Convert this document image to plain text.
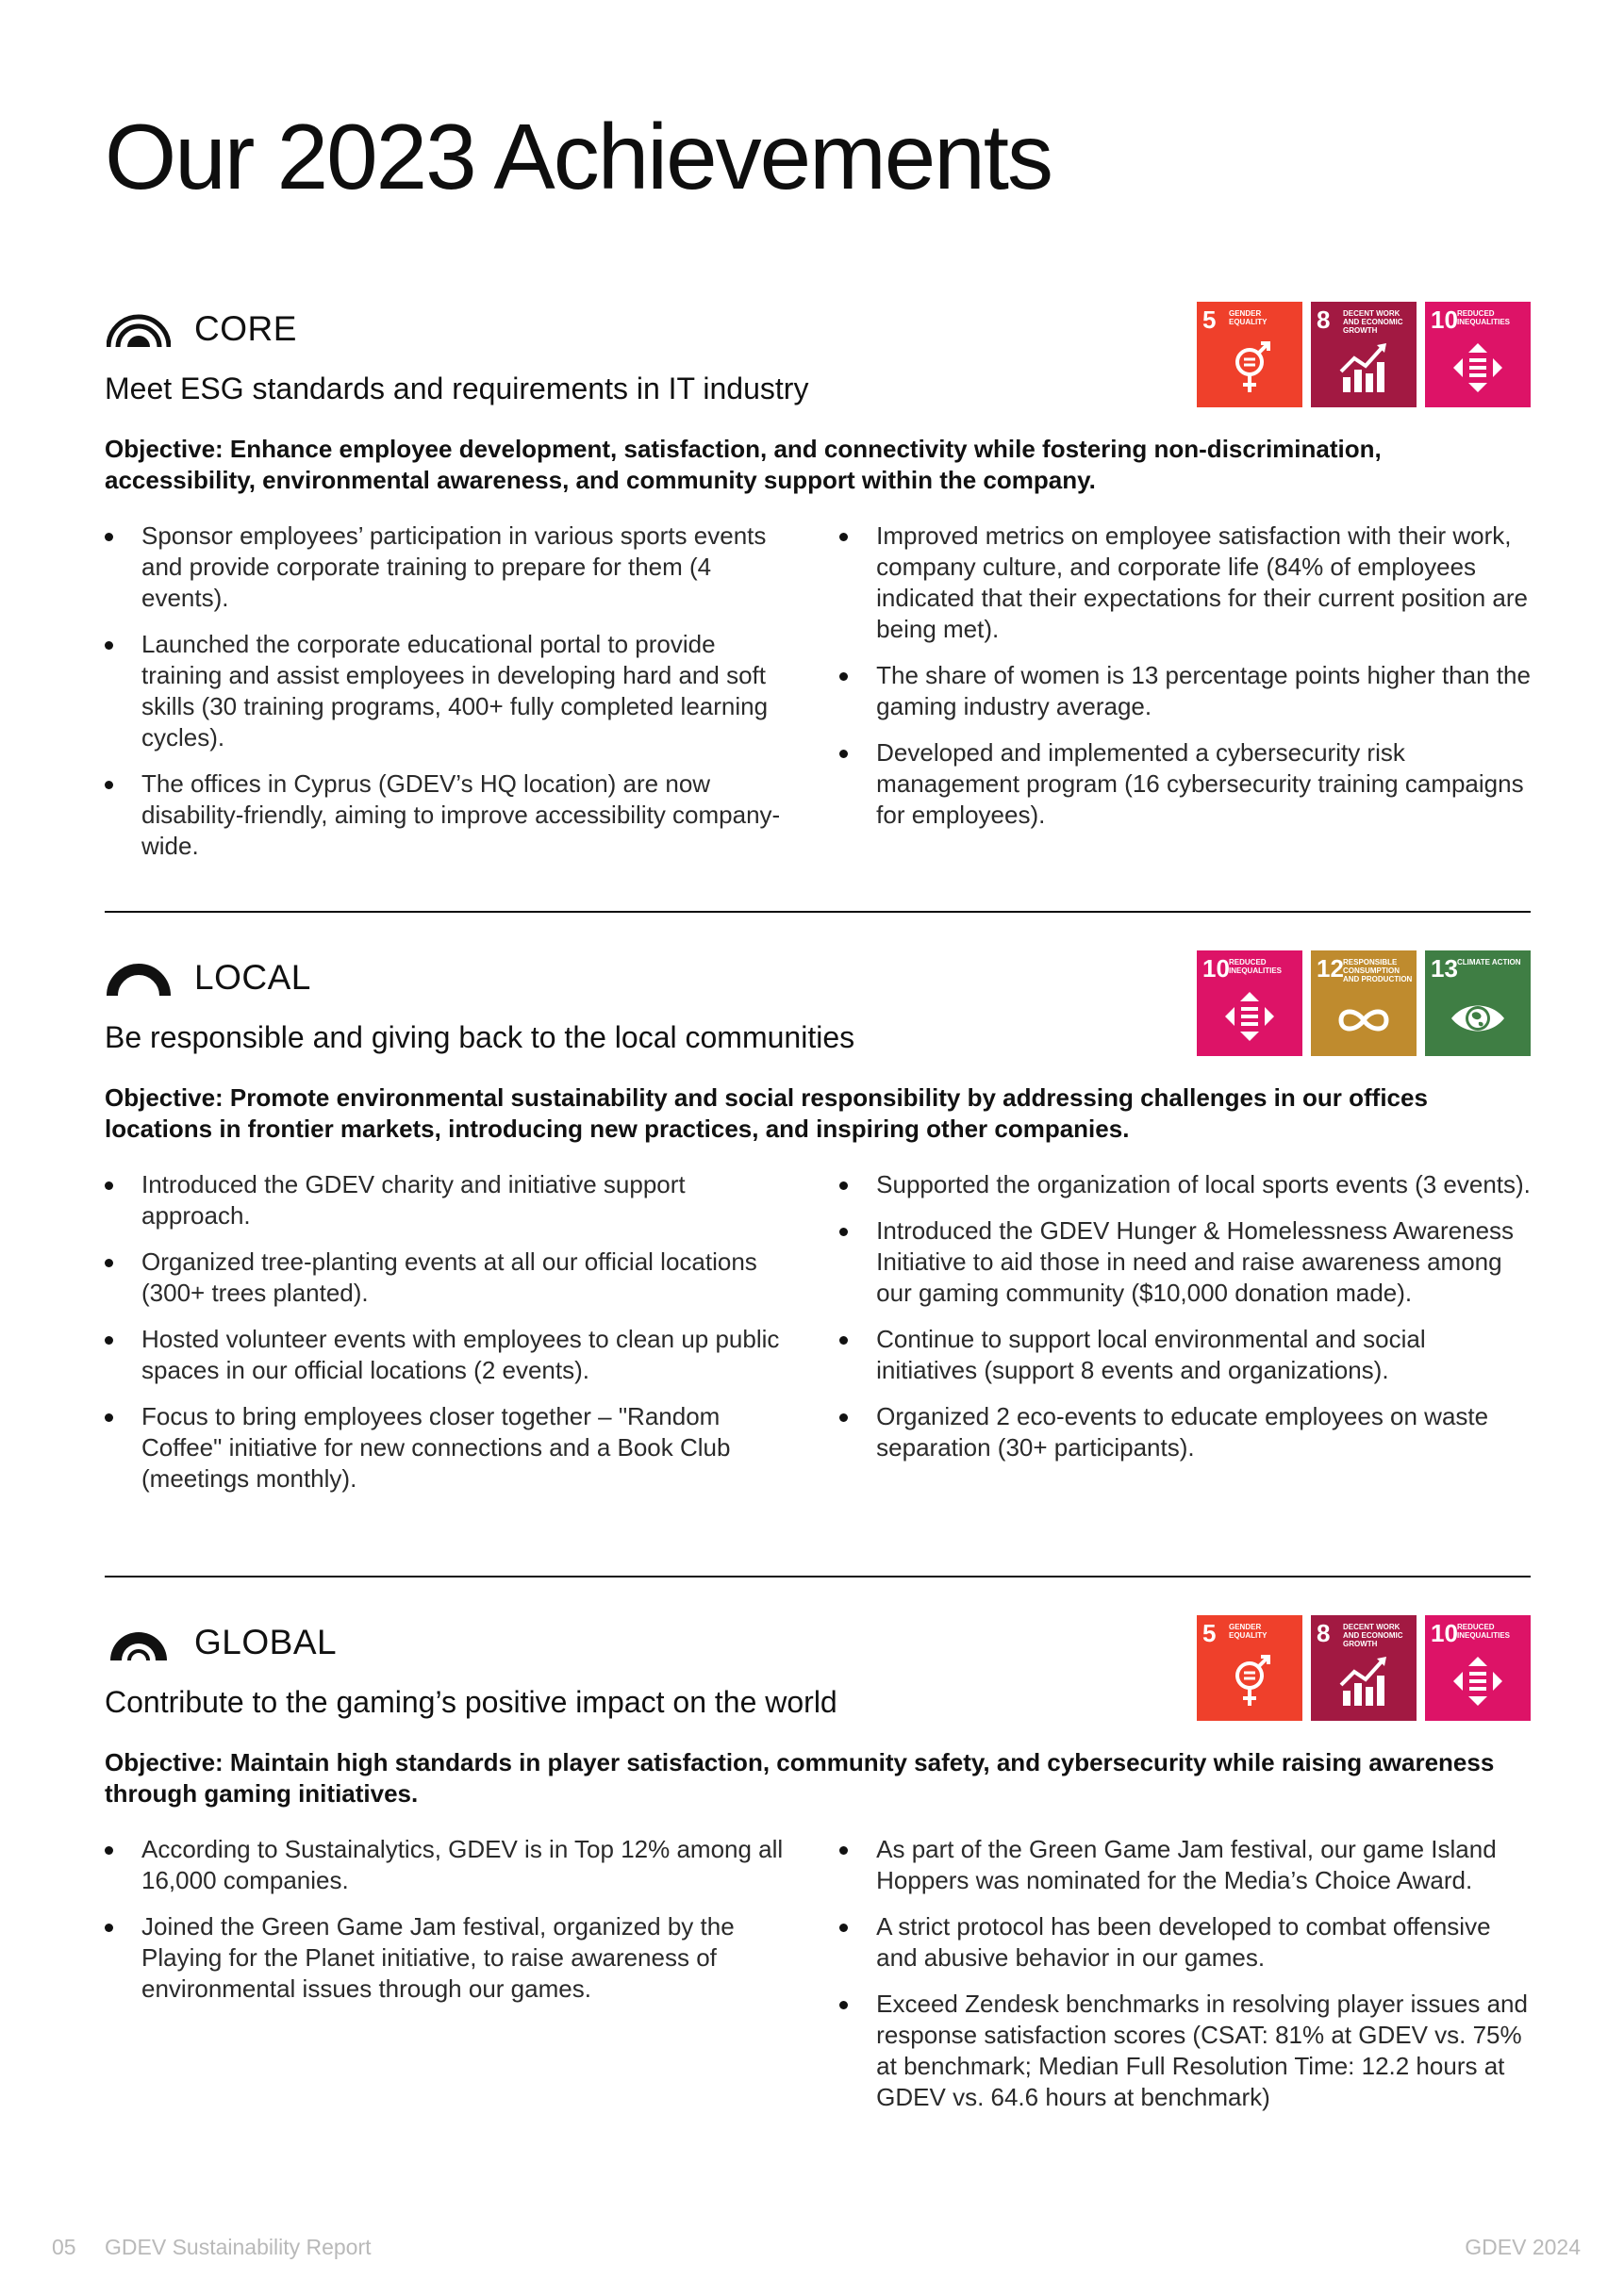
Our 2023 Achievements
CORE
Meet ESG standards and requirements in IT industry
Objective: Enhance employee development, satisfaction, and connectivity while fostering non-discrimination, accessibility, environmental awareness, and community support within the company.
5 GENDER EQUALITY	8 DECENT WORK AND ECONOMIC GROWTH	10 REDUCED INEQUALITIES
Sponsor employees’ participation in various sports events and provide corporate training to prepare for them (4 events).
Launched the corporate educational portal to provide training and assist employees in developing hard and soft skills (30 training programs, 400+ fully completed learning cycles).
The offices in Cyprus (GDEV’s HQ location) are now disability-friendly, aiming to improve accessibility company-wide.
Improved metrics on employee satisfaction with their work, company culture, and corporate life (84% of employees indicated that their expectations for their current position are being met).
The share of women is 13 percentage points higher than the gaming industry average.
Developed and implemented a cybersecurity risk management program (16 cybersecurity training campaigns for employees).
LOCAL
Be responsible and giving back to the local communities
Objective: Promote environmental sustainability and social responsibility by addressing challenges in our offices locations in frontier markets, introducing new practices, and inspiring other companies.
10 REDUCED INEQUALITIES	12 RESPONSIBLE CONSUMPTION AND PRODUCTION 13 CLIMATE ACTION
Introduced the GDEV charity and initiative support approach.
Organized tree-planting events at all our official locations (300+ trees planted).
Hosted volunteer events with employees to clean up public spaces in our official locations (2 events).
Focus to bring employees closer together – "Random Coffee" initiative for new connections and a Book Club (meetings monthly).
Supported the organization of local sports events (3 events).
Introduced the GDEV Hunger & Homelessness Awareness Initiative to aid those in need and raise awareness among our gaming community ($10,000 donation made).
Continue to support local environmental and social initiatives (support 8 events and organizations).
Organized 2 eco-events to educate employees on waste separation (30+ participants).
GLOBAL
Contribute to the gaming’s positive impact on the world
Objective: Maintain high standards in player satisfaction, community safety, and cybersecurity while raising awareness through gaming initiatives.
5 GENDER EQUALITY	8 DECENT WORK AND ECONOMIC GROWTH	10 REDUCED INEQUALITIES
According to Sustainalytics, GDEV is in Top 12% among all 16,000 companies.
Joined the Green Game Jam festival, organized by the Playing for the Planet initiative, to raise awareness of environmental issues through our games.
As part of the Green Game Jam festival, our game Island Hoppers was nominated for the Media’s Choice Award.
A strict protocol has been developed to combat offensive and abusive behavior in our games.
Exceed Zendesk benchmarks in resolving player issues and response satisfaction scores (CSAT: 81% at GDEV vs. 75% at benchmark; Median Full Resolution Time: 12.2 hours at GDEV vs. 64.6 hours at benchmark)
05 GDEV Sustainability Report	GDEV 2024
